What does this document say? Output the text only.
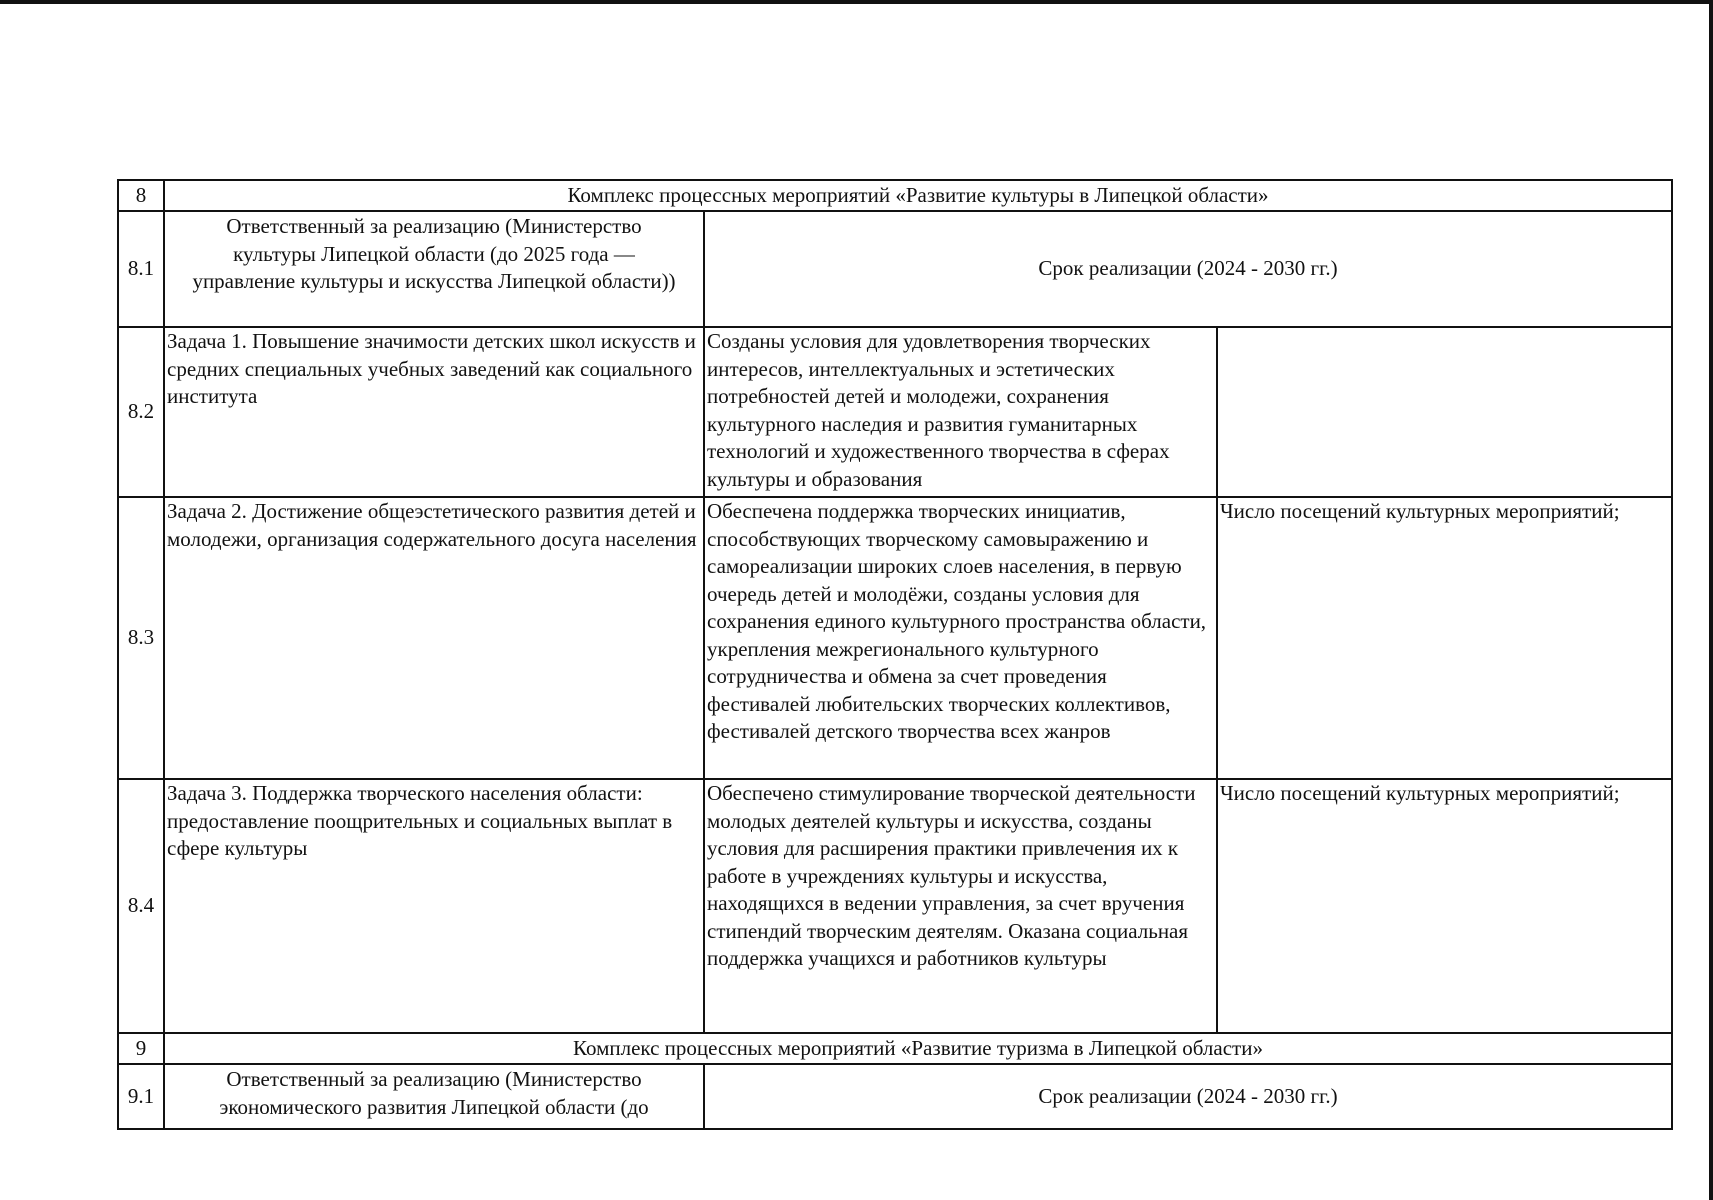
8	Комплекс процессных мероприятий «Развитие культуры в Липецкой области»		
8.1	Ответственный за реализацию (Министерство культуры Липецкой области (до 2025 года — управление культуры и искусства Липецкой области))	Срок реализации (2024 - 2030 гг.)	
8.2	Задача 1. Повышение значимости детских школ искусств и средних специальных учебных заведений как социального института	Созданы условия для удовлетворения творческих интересов, интеллектуальных и эстетических потребностей детей и молодежи, сохранения культурного наследия и развития гуманитарных технологий и художественного творчества в сферах культуры и образования	
8.3	Задача 2. Достижение общеэстетического развития детей и молодежи, организация содержательного досуга населения	Обеспечена поддержка творческих инициатив, способствующих творческому самовыражению и самореализации широких слоев населения, в первую очередь детей и молодёжи, созданы условия для сохранения единого культурного пространства области, укрепления межрегионального культурного сотрудничества и обмена за счет проведения фестивалей любительских творческих коллективов, фестивалей детского творчества всех жанров	Число посещений культурных мероприятий;
8.4	Задача 3. Поддержка творческого населения области: предоставление поощрительных и социальных выплат в сфере культуры	Обеспечено стимулирование творческой деятельности молодых деятелей культуры и искусства, созданы условия для расширения практики привлечения их к работе в учреждениях культуры и искусства, находящихся в ведении управления, за счет вручения стипендий творческим деятелям. Оказана социальная поддержка учащихся и работников культуры	Число посещений культурных мероприятий;
9	Комплекс процессных мероприятий «Развитие туризма в Липецкой области»		
9.1	Ответственный за реализацию (Министерство экономического развития Липецкой области (до	Срок реализации (2024 - 2030 гг.)	
